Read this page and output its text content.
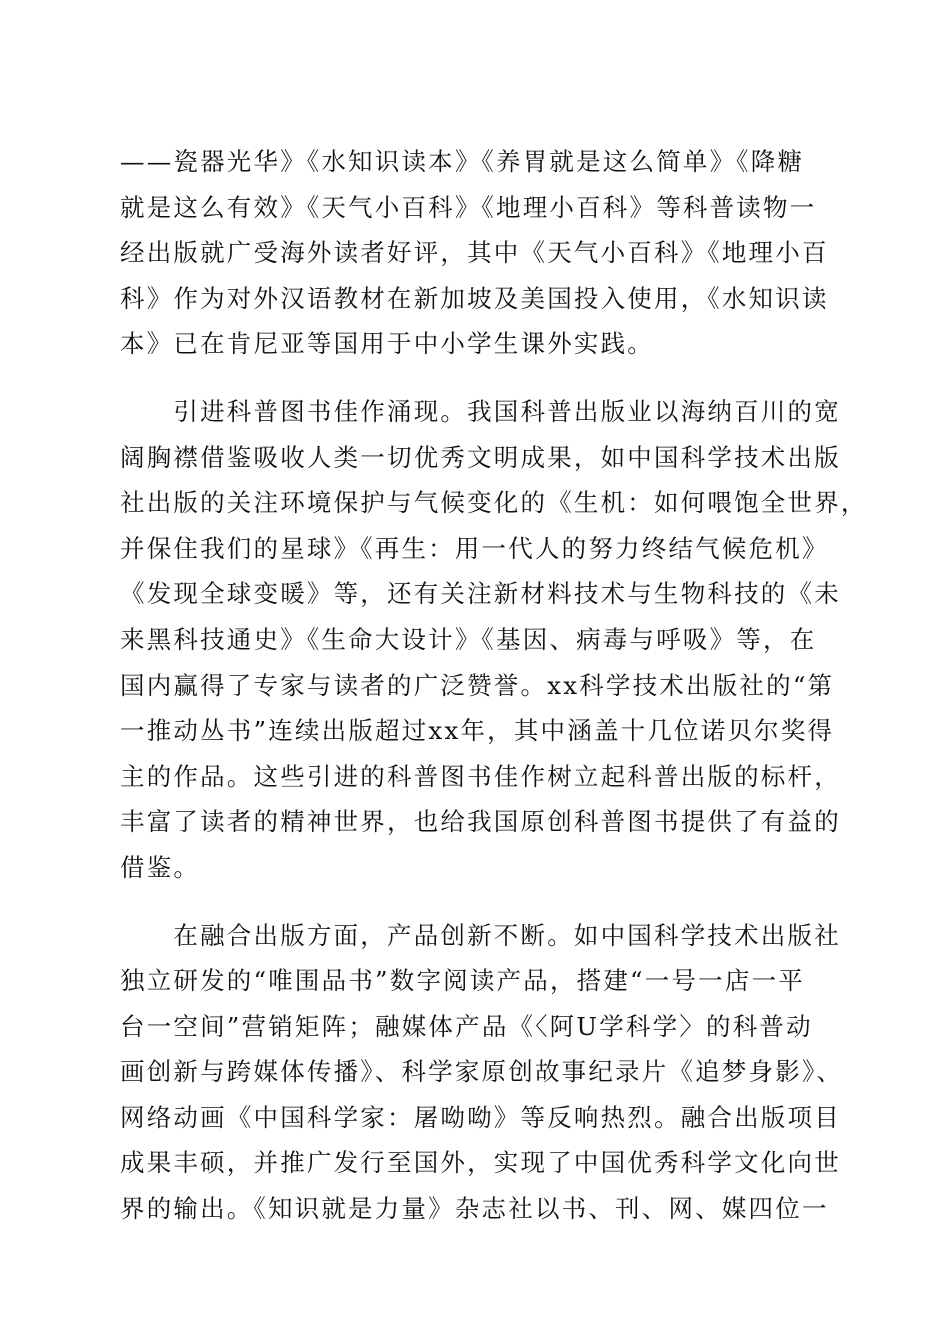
——瓷器光华》《水知识读本》《养胃就是这么简单》《降糖
就是这么有效》《天气小百科》《地理小百科》等科普读物一
经出版就广受海外读者好评，其中《天气小百科》《地理小百
科》作为对外汉语教材在新加坡及美国投入使用，《水知识读
本》已在肯尼亚等国用于中小学生课外实践。
　　引进科普图书佳作涌现。我国科普出版业以海纳百川的宽
阔胸襟借鉴吸收人类一切优秀文明成果，如中国科学技术出版
社出版的关注环境保护与气候变化的《生机：如何喂饱全世界，
并保住我们的星球》《再生：用一代人的努力终结气候危机》
《发现全球变暖》等，还有关注新材料技术与生物科技的《未
来黑科技通史》《生命大设计》《基因、病毒与呼吸》等，在
国内赢得了专家与读者的广泛赞誉。xx科学技术出版社的“第
一推动丛书”连续出版超过xx年，其中涵盖十几位诺贝尔奖得
主的作品。这些引进的科普图书佳作树立起科普出版的标杆，
丰富了读者的精神世界，也给我国原创科普图书提供了有益的
借鉴。
　　在融合出版方面，产品创新不断。如中国科学技术出版社
独立研发的“唯围品书”数字阅读产品，搭建“一号一店一平
台一空间”营销矩阵；融媒体产品《〈阿U学科学〉的科普动
画创新与跨媒体传播》、科学家原创故事纪录片《追梦身影》、
网络动画《中国科学家：屠呦呦》等反响热烈。融合出版项目
成果丰硕，并推广发行至国外，实现了中国优秀科学文化向世
界的输出。《知识就是力量》杂志社以书、刊、网、媒四位一
